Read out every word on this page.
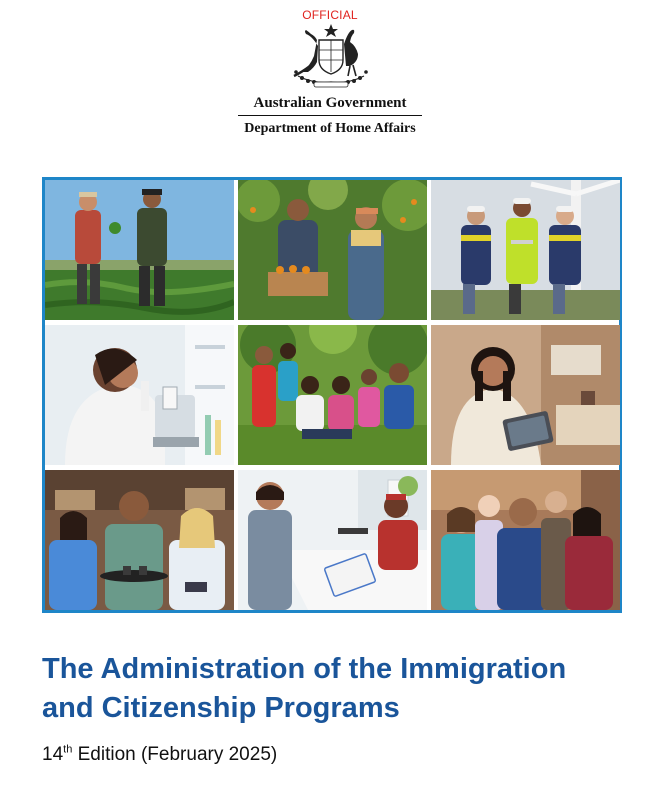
OFFICIAL
Australian Government
Department of Home Affairs
The Administration of the Immigration
and Citizenship Programs
14th Edition (February 2025)
